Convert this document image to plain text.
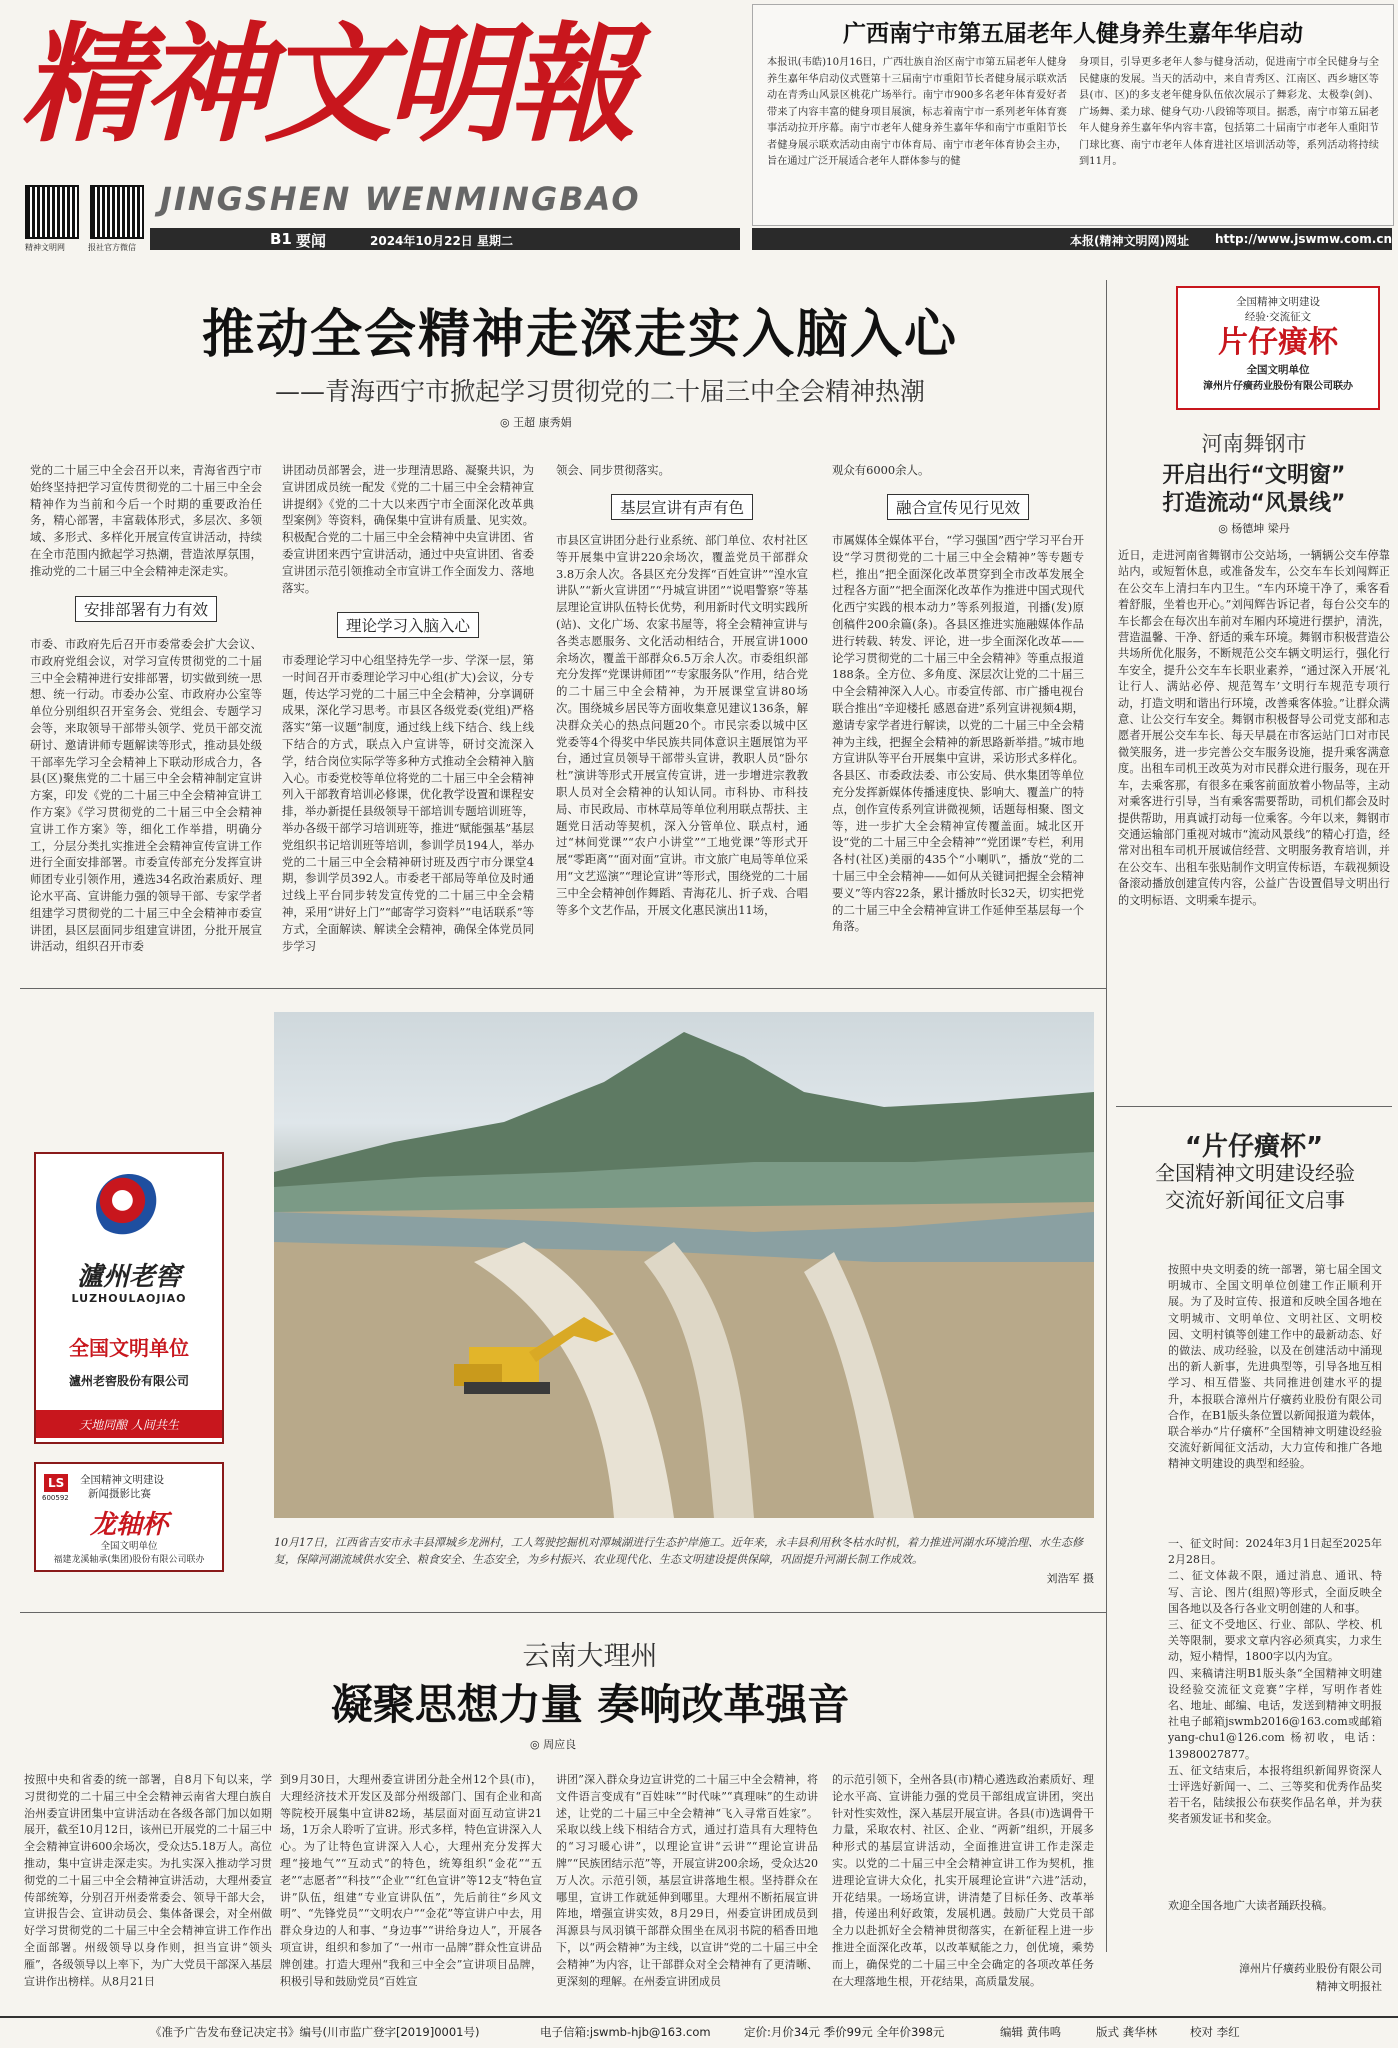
精神文明報
精神文明网	报社官方微信
JINGSHEN WENMINGBAO
广西南宁市第五届老年人健身养生嘉年华启动
本报讯(韦皓)10月16日，广西壮族自治区南宁市第五届老年人健身养生嘉年华启动仪式暨第十三届南宁市重阳节长者健身展示联欢活动在青秀山风景区桃花广场举行。南宁市900多名老年体育爱好者带来了内容丰富的健身项目展演，标志着南宁市一系列老年体育赛事活动拉开序幕。南宁市老年人健身养生嘉年华和南宁市重阳节长者健身展示联欢活动由南宁市体育局、南宁市老年体育协会主办，旨在通过广泛开展适合老年人群体参与的健
身项目，引导更多老年人参与健身活动，促进南宁市全民健身与全民健康的发展。当天的活动中，来自青秀区、江南区、西乡塘区等县(市、区)的多支老年健身队伍依次展示了舞彩龙、太极拳(剑)、广场舞、柔力球、健身气功·八段锦等项目。据悉，南宁市第五届老年人健身养生嘉年华内容丰富，包括第二十届南宁市老年人重阳节门球比赛、南宁市老年人体育进社区培训活动等，系列活动将持续到11月。
B1 要闻	2024年10月22日 星期二	本报(精神文明网)网址 http://www.jswmw.com.cn
推动全会精神走深走实入脑入心
——青海西宁市掀起学习贯彻党的二十届三中全会精神热潮
◎ 王超 康秀娟
党的二十届三中全会召开以来，青海省西宁市始终坚持把学习宣传贯彻党的二十届三中全会精神作为当前和今后一个时期的重要政治任务，精心部署，丰富载体形式，多层次、多领域、多形式、多样化开展宣传宣讲活动，持续在全市范围内掀起学习热潮，营造浓厚氛围，推动党的二十届三中全会精神走深走实。
安排部署有力有效
市委、市政府先后召开市委常委会扩大会议、市政府党组会议，对学习宣传贯彻党的二十届三中全会精神进行安排部署，切实做到统一思想、统一行动。市委办公室、市政府办公室等单位分别组织召开室务会、党组会、专题学习会等，来取领导干部带头领学、党员干部交流研讨、邀请讲师专题解读等形式，推动县处级干部率先学习全会精神上下联动形成合力，各县(区)聚焦党的二十届三中全会精神制定宣讲方案，印发《党的二十届三中全会精神宣讲工作方案》《学习贯彻党的二十届三中全会精神宣讲工作方案》等，细化工作举措，明确分工，分层分类扎实推进全会精神宣传宣讲工作进行全面安排部署。市委宣传部充分发挥宣讲师团专业引领作用，遴选34名政治素质好、理论水平高、宣讲能力强的领导干部、专家学者组建学习贯彻党的二十届三中全会精神市委宣讲团，县区层面同步组建宣讲团，分批开展宣讲活动，组织召开市委
讲团动员部署会，进一步理清思路、凝聚共识，为宣讲团成员统一配发《党的二十届三中全会精神宣讲提纲》《党的二十大以来西宁市全面深化改革典型案例》等资料，确保集中宣讲有质量、见实效。积极配合党的二十届三中全会精神中央宣讲团、省委宣讲团来西宁宣讲活动，通过中央宣讲团、省委宣讲团示范引领推动全市宣讲工作全面发力、落地落实。
理论学习入脑入心
市委理论学习中心组坚持先学一步、学深一层，第一时间召开市委理论学习中心组(扩大)会议，分专题，传达学习党的二十届三中全会精神，分享调研成果，深化学习思考。市县区各级党委(党组)严格落实“第一议题”制度，通过线上线下结合、线上线下结合的方式，联点入户宣讲等，研讨交流深入学，结合岗位实际学等多种方式推动全会精神入脑入心。市委党校等单位将党的二十届三中全会精神列入干部教育培训必修课，优化教学设置和课程安排，举办新提任县级领导干部培训专题培训班等，举办各级干部学习培训班等，推进“赋能强基”基层党组织书记培训班等培训，参训学员194人，举办党的二十届三中全会精神研讨班及西宁市分课堂4期，参训学员392人。市委老干部局等单位及时通过线上平台同步转发宣传党的二十届三中全会精神，采用“讲好上门”“邮寄学习资料”“电话联系”等方式，全面解读、解读全会精神，确保全体党员同步学习
领会、同步贯彻落实。
基层宣讲有声有色
市县区宣讲团分赴行业系统、部门单位、农村社区等开展集中宣讲220余场次，覆盖党员干部群众3.8万余人次。各县区充分发挥“百姓宣讲”“湟水宣讲队”“新火宣讲团”“丹城宣讲团”“说唱警察”等基层理论宣讲队伍特长优势，利用新时代文明实践所(站)、文化广场、农家书屋等，将全会精神宣讲与各类志愿服务、文化活动相结合，开展宣讲1000余场次，覆盖干部群众6.5万余人次。市委组织部充分发挥“党课讲师团”“专家服务队”作用，结合党的二十届三中全会精神，为开展课堂宣讲80场次。围绕城乡居民等方面收集意见建议136条，解决群众关心的热点问题20个。市民宗委以城中区党委等4个得奖中华民族共同体意识主题展馆为平台，通过宣员领导干部带头宣讲，教职人员“卧尔杜”演讲等形式开展宣传宣讲，进一步增进宗教教职人员对全会精神的认知认同。市科协、市科技局、市民政局、市林草局等单位利用联点帮扶、主题党日活动等契机，深入分管单位、联点村，通过“林间党课”“农户小讲堂”“工地党课”等形式开展“零距离”“面对面”宣讲。市文旅广电局等单位采用“文艺巡演”“理论宣讲”等形式，围绕党的二十届三中全会精神创作舞蹈、青海花儿、折子戏、合唱等多个文艺作品，开展文化惠民演出11场，
观众有6000余人。
融合宣传见行见效
市属媒体全媒体平台，“学习强国”西宁学习平台开设“学习贯彻党的二十届三中全会精神”等专题专栏，推出“把全面深化改革贯穿到全市改革发展全过程各方面”“把全面深化改革作为推进中国式现代化西宁实践的根本动力”等系列报道，刊播(发)原创稿件200余篇(条)。各县区推进实施融媒体作品进行转载、转发、评论，进一步全面深化改革——论学习贯彻党的二十届三中全会精神》等重点报道188条。全方位、多角度、深层次让党的二十届三中全会精神深入人心。市委宣传部、市广播电视台联合推出“辛迎楼托 感恩奋进”系列宣讲视频4期，邀请专家学者进行解读，以党的二十届三中全会精神为主线，把握全会精神的新思路新举措。”城市地方宣讲队等平台开展集中宣讲，采访形式多样化。各县区、市委政法委、市公安局、供水集团等单位充分发挥新媒体传播速度快、影响大、覆盖广的特点，创作宣传系列宣讲微视频，话题每相聚、图文等，进一步扩大全会精神宣传覆盖面。城北区开设“党的二十届三中全会精神”“党团课”专栏，利用各村(社区)美丽的435个“小喇叭”，播放“党的二十届三中全会精神——如何从关键词把握全会精神要义”等内容22条，累计播放时长32天，切实把党的二十届三中全会精神宣讲工作延伸至基层每一个角落。
全国精神文明建设
经验·交流征文
片仔癀杯
全国文明单位
漳州片仔癀药业股份有限公司联办
河南舞钢市
开启出行“文明窗”
打造流动“风景线”
◎ 杨德坤 梁丹
近日，走进河南省舞钢市公交站场，一辆辆公交车停靠站内，或短暂休息，或准备发车，公交车车长刘闯辉正在公交车上清扫车内卫生。“车内环境干净了，乘客看着舒服，坐着也开心。”刘闯辉告诉记者，每台公交车的车长都会在每次出车前对车厢内环境进行摆护，清洗，营造温馨、干净、舒适的乘车环境。舞钢市积极营造公共场所优化服务，不断规范公交车辆文明运行，强化行车安全，提升公交车车长职业素养，“通过深入开展‘礼让行人、满站必停、规范驾车’文明行车规范专项行动，打造文明和谐出行环境，改善乘客体验。”让群众满意、让公交行车安全。舞钢市积极督导公司党支部和志愿者开展公交车车长、每天早晨在市客运站门口对市民微笑服务，进一步完善公交车服务设施，提升乘客满意度。出租车司机王改英为对市民群众进行服务，现在开车，去乘客那，有很多在乘客前面放着小物品等，主动对乘客进行引导，当有乘客需要帮助，司机们都会及时提供帮助，用真诚打动每一位乘客。今年以来，舞钢市交通运输部门重视对城市“流动风景线”的精心打造，经常对出租车司机开展诚信经营、文明服务教育培训，并在公交车、出租车张贴制作文明宣传标语，车载视频设备滚动播放创建宣传内容，公益广告设置倡导文明出行的文明标语、文明乘车提示。
“片仔癀杯”
全国精神文明建设经验交流好新闻征文启事
按照中央文明委的统一部署，第七届全国文明城市、全国文明单位创建工作正顺利开展。为了及时宣传、报道和反映全国各地在文明城市、文明单位、文明社区、文明校园、文明村镇等创建工作中的最新动态、好的做法、成功经验，以及在创建活动中涌现出的新人新事，先进典型等，引导各地互相学习、相互借鉴、共同推进创建水平的提升，本报联合漳州片仔癀药业股份有限公司合作，在B1版头条位置以新闻报道为载体，联合举办“片仔癀杯”全国精神文明建设经验交流好新闻征文活动，大力宣传和推广各地精神文明建设的典型和经验。
一、征文时间：2024年3月1日起至2025年2月28日。
二、征文体裁不限，通过消息、通讯、特写、言论、图片(组照)等形式，全面反映全国各地以及各行各业文明创建的人和事。
三、征文不受地区、行业、部队、学校、机关等限制，要求文章内容必须真实，力求生动，短小精悍，1800字以内为宜。
四、来稿请注明B1版头条“全国精神文明建设经验交流征文竞赛”字样，写明作者姓名、地址、邮编、电话，发送到精神文明报社电子邮箱jswmb2016@163.com或邮箱yang-chu1@126.com 杨初收，电话：13980027877。
五、征文结束后，本报将组织新闻界资深人士评选好新闻一、二、三等奖和优秀作品奖若干名，陆续报公布获奖作品名单，并为获奖者颁发证书和奖金。
欢迎全国各地广大读者踊跃投稿。
漳州片仔癀药业股份有限公司
精神文明报社
瀘州老窖
LUZHOULAOJIAO
全国文明单位
瀘州老窖股份有限公司
天地同酿 人间共生
LS
600592
全国精神文明建设
新闻摄影比赛
龙轴杯
全国文明单位
福建龙溪轴承(集团)股份有限公司联办
10月17日，江西省吉安市永丰县潭城乡龙洲村，工人驾驶挖掘机对潭城湖进行生态护岸施工。近年来，永丰县利用秋冬枯水时机，着力推进河湖水环境治理、水生态修复，保障河湖流域供水安全、粮食安全、生态安全，为乡村振兴、农业现代化、生态文明建设提供保障，巩固提升河湖长制工作成效。
刘浩军 摄
云南大理州
凝聚思想力量 奏响改革强音
◎ 周应良
按照中央和省委的统一部署，自8月下旬以来，学习贯彻党的二十届三中全会精神云南省大理白族自治州委宣讲团集中宣讲活动在各级各部门加以如期展开，截至10月12日，该州已开展党的二十届三中全会精神宣讲600余场次，受众达5.18万人。高位推动，集中宣讲走深走实。为扎实深入推动学习贯彻党的二十届三中全会精神宣讲活动，大理州委宣传部统筹，分别召开州委常委会、领导干部大会，宣讲报告会、宣讲动员会、集体备课会，对全州做好学习贯彻党的二十届三中全会精神宣讲工作作出全面部署。州级领导以身作则，担当宣讲“领头雁”，各级领导以上率下，为广大党员干部深入基层宣讲作出榜样。从8月21日
到9月30日，大理州委宣讲团分赴全州12个县(市)，大理经济技术开发区及部分州级部门、国有企业和高等院校开展集中宣讲82场，基层面对面互动宣讲21场，1万余人聆听了宣讲。形式多样，特色宣讲深入人心。为了让特色宣讲深入人心，大理州充分发挥大理“接地气”“互动式”的特色，统筹组织“金花”“五老”“志愿者”“科技”“企业”“红色宣讲”等12支“特色宣讲”队伍，组建“专业宣讲队伍”，先后前往“乡风文明”、“先锋党员”“文明农户”“金花”等宣讲户中去，用群众身边的人和事、“身边事”“讲给身边人”，开展各项宣讲，组织和参加了“一州市一品牌”群众性宣讲品牌创建。打造大理州“我和三中全会”宣讲项目品牌，积极引导和鼓励党员“百姓宣
讲团”深入群众身边宣讲党的二十届三中全会精神，将文件语言变成有“百姓味”“时代味”“真理味”的生动讲述，让党的二十届三中全会精神“飞入寻常百姓家”。采取以线上线下相结合方式，通过打造具有大理特色的“习习暖心讲”，以理论宣讲“云讲”“理论宣讲品牌”“民族团结示范”等，开展宣讲200余场，受众达20万人次。示范引领，基层宣讲落地生根。坚持群众在哪里，宣讲工作就延伸到哪里。大理州不断拓展宣讲阵地，增强宣讲实效，8月29日，州委宣讲团成员到洱源县与凤羽镇干部群众围坐在凤羽书院的稻香田地下，以“两会精神”为主线，以宣讲“党的二十届三中全会精神”为内容，让干部群众对全会精神有了更清晰、更深刻的理解。在州委宣讲团成员
的示范引领下，全州各县(市)精心遴选政治素质好、理论水平高、宣讲能力强的党员干部组成宣讲团，突出针对性实效性，深入基层开展宣讲。各县(市)选调骨干力量，采取农村、社区、企业、“两新”组织，开展多种形式的基层宣讲活动，全面推进宣讲工作走深走实。以党的二十届三中全会精神宣讲工作为契机，推进理论宣讲大众化，扎实开展理论宣讲“六进”活动，开花结果。一场场宣讲，讲清楚了目标任务、改革举措，传递出利好政策，发展机遇。鼓励广大党员干部全力以赴抓好全会精神贯彻落实，在新征程上进一步推进全面深化改革，以改革赋能之力，创优境，乘势而上，确保党的二十届三中全会确定的各项改革任务在大理落地生根，开花结果，高质量发展。
《准予广告发布登记决定书》编号(川市监广登字[2019]0001号)	电子信箱:jswmb-hjb@163.com	定价:月价34元 季价99元 全年价398元	编辑 黄伟鸣	版式 龚华林	校对 李红
